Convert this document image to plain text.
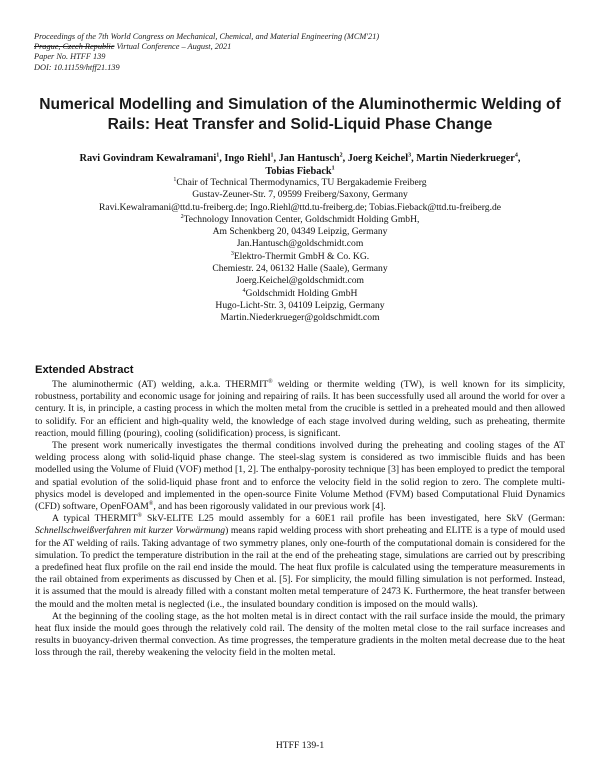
Proceedings of the 7th World Congress on Mechanical, Chemical, and Material Engineering (MCM'21)
Prague, Czech Republic Virtual Conference – August, 2021
Paper No. HTFF 139
DOI: 10.11159/htff21.139
Numerical Modelling and Simulation of the Aluminothermic Welding of
Rails: Heat Transfer and Solid-Liquid Phase Change
Ravi Govindram Kewalramani$^1$, Ingo Riehl$^1$, Jan Hantusch$^2$, Joerg Keichel$^3$, Martin Niederkrueger$^4$,
Tobias Fieback$^1$
$^1$Chair of Technical Thermodynamics, TU Bergakademie Freiberg
Gustav-Zeuner-Str. 7, 09599 Freiberg/Saxony, Germany
Ravi.Kewalramani@ttd.tu-freiberg.de; Ingo.Riehl@ttd.tu-freiberg.de; Tobias.Fieback@ttd.tu-freiberg.de
$^2$Technology Innovation Center, Goldschmidt Holding GmbH,
Am Schenkberg 20, 04349 Leipzig, Germany
Jan.Hantusch@goldschmidt.com
$^3$Elektro-Thermit GmbH & Co. KG.
Chemiestr. 24, 06132 Halle (Saale), Germany
Joerg.Keichel@goldschmidt.com
$^4$Goldschmidt Holding GmbH
Hugo-Licht-Str. 3, 04109 Leipzig, Germany
Martin.Niederkrueger@goldschmidt.com
Extended Abstract

The aluminothermic (AT) welding, a.k.a. THERMIT® welding or thermite welding (TW), is well known for its simplicity, robustness, portability and economic usage for joining and repairing of rails. It has been successfully used all around the world for over a century. It is, in principle, a casting process in which the molten metal from the crucible is settled in a preheated mould and then allowed to solidify. For an efficient and high-quality weld, the knowledge of each stage involved during welding, such as preheating, thermite reaction, mould filling (pouring), cooling (solidification) process, is significant.

The present work numerically investigates the thermal conditions involved during the preheating and cooling stages of the AT welding process along with solid-liquid phase change. The steel-slag system is considered as two immiscible fluids and has been modelled using the Volume of Fluid (VOF) method [1, 2]. The enthalpy-porosity technique [3] has been employed to predict the temporal and spatial evolution of the solid-liquid phase front and to enforce the velocity field in the solid region to zero. The complete multi-physics model is developed and implemented in the open-source Finite Volume Method (FVM) based Computational Fluid Dynamics (CFD) software, OpenFOAM®, and has been rigorously validated in our previous work [4].

A typical THERMIT® SkV-ELITE L25 mould assembly for a 60E1 rail profile has been investigated, here SkV (German: Schnellschweißverfahren mit kurzer Vorwärmung) means rapid welding process with short preheating and ELITE is a type of mould used for the AT welding of rails. Taking advantage of two symmetry planes, only one-fourth of the computational domain is considered for the simulation. To predict the temperature distribution in the rail at the end of the preheating stage, simulations are carried out by prescribing a predefined heat flux profile on the rail end inside the mould. The heat flux profile is calculated using the temperature measurements in the rail obtained from experiments as discussed by Chen et al. [5]. For simplicity, the mould filling simulation is not performed. Instead, it is assumed that the mould is already filled with a constant molten metal temperature of 2473 K. Furthermore, the heat transfer between the mould and the molten metal is neglected (i.e., the insulated boundary condition is imposed on the mould walls).

At the beginning of the cooling stage, as the hot molten metal is in direct contact with the rail surface inside the mould, the primary heat flux inside the mould goes through the relatively cold rail. The density of the molten metal close to the rail surface increases and results in buoyancy-driven thermal convection. As time progresses, the temperature gradients in the molten metal decrease due to the heat loss through the rail, thereby weakening the velocity field in the molten metal.

HTFF 139-1
